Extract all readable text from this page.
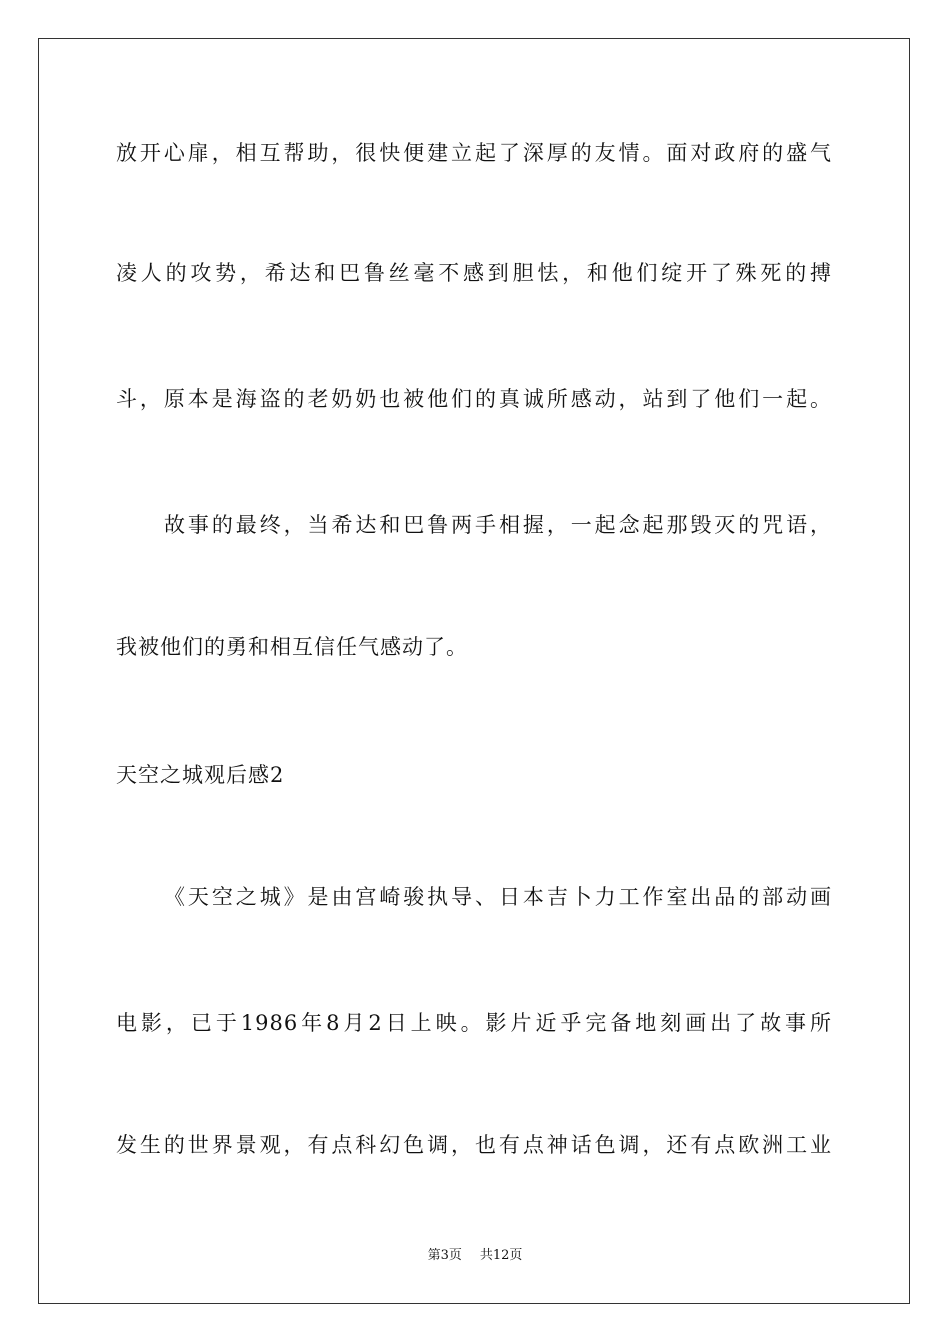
放开心扉，相互帮助，很快便建立起了深厚的友情。面对政府的盛气
凌人的攻势，希达和巴鲁丝毫不感到胆怯，和他们绽开了殊死的搏
斗，原本是海盗的老奶奶也被他们的真诚所感动，站到了他们一起。
故事的最终，当希达和巴鲁两手相握，一起念起那毁灭的咒语，
我被他们的勇和相互信任气感动了。
天空之城观后感2
《天空之城》是由宫崎骏执导、日本吉卜力工作室出品的部动画
电影，已于1986年8月2日上映。影片近乎完备地刻画出了故事所
发生的世界景观，有点科幻色调，也有点神话色调，还有点欧洲工业
第3页 共12页
